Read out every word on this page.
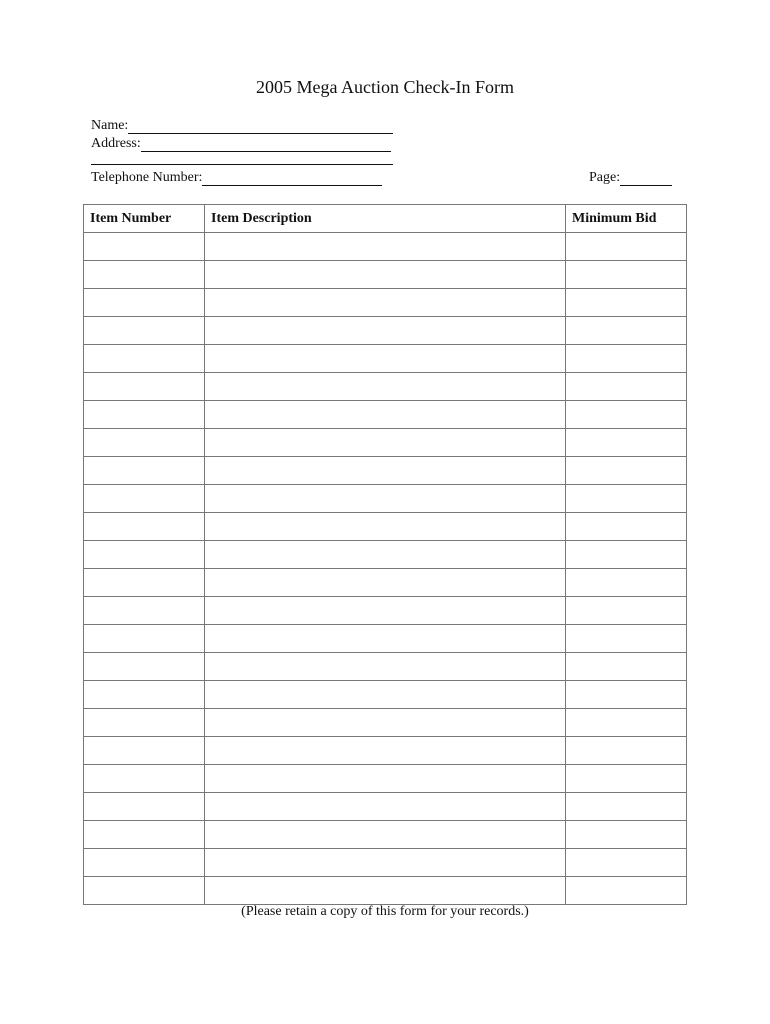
2005 Mega Auction Check-In Form
Name:
Address:
Telephone Number:	Page:
Item Number	Item Description	Minimum Bid

(Please retain a copy of this form for your records.)
